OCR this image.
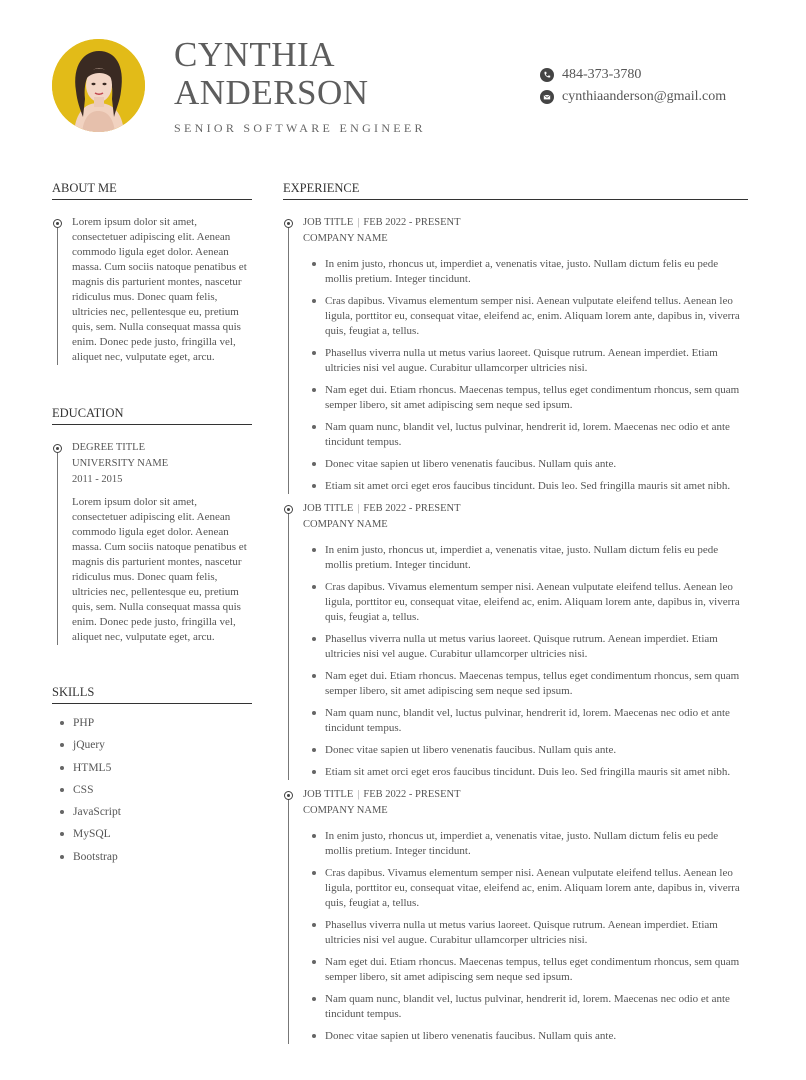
CYNTHIA
ANDERSON
SENIOR SOFTWARE ENGINEER
484-373-3780
cynthiaanderson@gmail.com
ABOUT ME
Lorem ipsum dolor sit amet, consectetuer adipiscing elit. Aenean commodo ligula eget dolor. Aenean massa. Cum sociis natoque penatibus et magnis dis parturient montes, nascetur ridiculus mus. Donec quam felis, ultricies nec, pellentesque eu, pretium quis, sem. Nulla consequat massa quis enim. Donec pede justo, fringilla vel, aliquet nec, vulputate eget, arcu.
EDUCATION
DEGREE TITLE
UNIVERSITY NAME
2011 - 2015
Lorem ipsum dolor sit amet, consectetuer adipiscing elit. Aenean commodo ligula eget dolor. Aenean massa. Cum sociis natoque penatibus et magnis dis parturient montes, nascetur ridiculus mus. Donec quam felis, ultricies nec, pellentesque eu, pretium quis, sem. Nulla consequat massa quis enim. Donec pede justo, fringilla vel, aliquet nec, vulputate eget, arcu.
SKILLS
PHP
jQuery
HTML5
CSS
JavaScript
MySQL
Bootstrap
EXPERIENCE
JOB TITLE | FEB 2022 - PRESENT
COMPANY NAME
In enim justo, rhoncus ut, imperdiet a, venenatis vitae, justo. Nullam dictum felis eu pede mollis pretium. Integer tincidunt.
Cras dapibus. Vivamus elementum semper nisi. Aenean vulputate eleifend tellus. Aenean leo ligula, porttitor eu, consequat vitae, eleifend ac, enim. Aliquam lorem ante, dapibus in, viverra quis, feugiat a, tellus.
Phasellus viverra nulla ut metus varius laoreet. Quisque rutrum. Aenean imperdiet. Etiam ultricies nisi vel augue. Curabitur ullamcorper ultricies nisi.
Nam eget dui. Etiam rhoncus. Maecenas tempus, tellus eget condimentum rhoncus, sem quam semper libero, sit amet adipiscing sem neque sed ipsum.
Nam quam nunc, blandit vel, luctus pulvinar, hendrerit id, lorem. Maecenas nec odio et ante tincidunt tempus.
Donec vitae sapien ut libero venenatis faucibus. Nullam quis ante.
Etiam sit amet orci eget eros faucibus tincidunt. Duis leo. Sed fringilla mauris sit amet nibh.
JOB TITLE | FEB 2022 - PRESENT
COMPANY NAME
In enim justo, rhoncus ut, imperdiet a, venenatis vitae, justo. Nullam dictum felis eu pede mollis pretium. Integer tincidunt.
Cras dapibus. Vivamus elementum semper nisi. Aenean vulputate eleifend tellus. Aenean leo ligula, porttitor eu, consequat vitae, eleifend ac, enim. Aliquam lorem ante, dapibus in, viverra quis, feugiat a, tellus.
Phasellus viverra nulla ut metus varius laoreet. Quisque rutrum. Aenean imperdiet. Etiam ultricies nisi vel augue. Curabitur ullamcorper ultricies nisi.
Nam eget dui. Etiam rhoncus. Maecenas tempus, tellus eget condimentum rhoncus, sem quam semper libero, sit amet adipiscing sem neque sed ipsum.
Nam quam nunc, blandit vel, luctus pulvinar, hendrerit id, lorem. Maecenas nec odio et ante tincidunt tempus.
Donec vitae sapien ut libero venenatis faucibus. Nullam quis ante.
Etiam sit amet orci eget eros faucibus tincidunt. Duis leo. Sed fringilla mauris sit amet nibh.
JOB TITLE | FEB 2022 - PRESENT
COMPANY NAME
In enim justo, rhoncus ut, imperdiet a, venenatis vitae, justo. Nullam dictum felis eu pede mollis pretium. Integer tincidunt.
Cras dapibus. Vivamus elementum semper nisi. Aenean vulputate eleifend tellus. Aenean leo ligula, porttitor eu, consequat vitae, eleifend ac, enim. Aliquam lorem ante, dapibus in, viverra quis, feugiat a, tellus.
Phasellus viverra nulla ut metus varius laoreet. Quisque rutrum. Aenean imperdiet. Etiam ultricies nisi vel augue. Curabitur ullamcorper ultricies nisi.
Nam eget dui. Etiam rhoncus. Maecenas tempus, tellus eget condimentum rhoncus, sem quam semper libero, sit amet adipiscing sem neque sed ipsum.
Nam quam nunc, blandit vel, luctus pulvinar, hendrerit id, lorem. Maecenas nec odio et ante tincidunt tempus.
Donec vitae sapien ut libero venenatis faucibus. Nullam quis ante.
